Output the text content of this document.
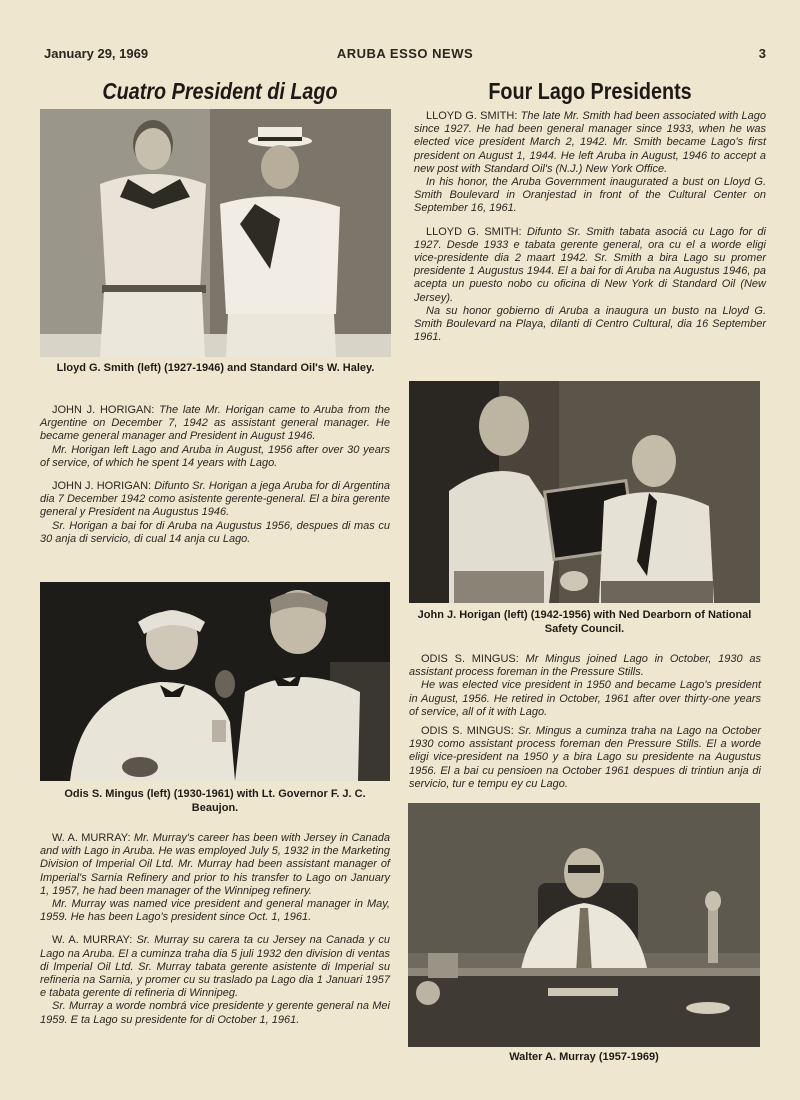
January 29, 1969	ARUBA ESSO NEWS	3
Cuatro President di Lago	Four Lago Presidents
Lloyd G. Smith (left) (1927-1946) and Standard Oil's W. Haley.

JOHN J. HORIGAN: The late Mr. Horigan came to Aruba from the Argentine on December 7, 1942 as assistant general manager. He became general manager and President in August 1946.

Mr. Horigan left Lago and Aruba in August, 1956 after over 30 years of service, of which he spent 14 years with Lago.

JOHN J. HORIGAN: Difunto Sr. Horigan a jega Aruba for di Argentina dia 7 December 1942 como asistente gerente-general. El a bira gerente general y President na Augustus 1946.

Sr. Horigan a bai for di Aruba na Augustus 1956, despues di mas cu 30 anja di servicio, di cual 14 anja cu Lago.

Odis S. Mingus (left) (1930-1961) with Lt. Governor F. J. C. Beaujon.

W. A. MURRAY: Mr. Murray's career has been with Jersey in Canada and with Lago in Aruba. He was employed July 5, 1932 in the Marketing Division of Imperial Oil Ltd. Mr. Murray had been assistant manager of Imperial's Sarnia Refinery and prior to his transfer to Lago on January 1, 1957, he had been manager of the Winnipeg refinery.

Mr. Murray was named vice president and general manager in May, 1959. He has been Lago's president since Oct. 1, 1961.

W. A. MURRAY: Sr. Murray su carera ta cu Jersey na Canada y cu Lago na Aruba. El a cuminza traha dia 5 juli 1932 den division di ventas di Imperial Oil Ltd. Sr. Murray tabata gerente asistente di Imperial su refineria na Sarnia, y promer cu su traslado pa Lago dia 1 Januari 1957 e tabata gerente di refineria di Winnipeg.

Sr. Murray a worde nombrá vice presidente y gerente general na Mei 1959. E ta Lago su presidente for di October 1, 1961.

LLOYD G. SMITH: The late Mr. Smith had been associated with Lago since 1927. He had been general manager since 1933, when he was elected vice president March 2, 1942. Mr. Smith became Lago's first president on August 1, 1944. He left Aruba in August, 1946 to accept a new post with Standard Oil's (N.J.) New York Office.

In his honor, the Aruba Government inaugurated a bust on Lloyd G. Smith Boulevard in Oranjestad in front of the Cultural Center on September 16, 1961.

LLOYD G. SMITH: Difunto Sr. Smith tabata asociá cu Lago for di 1927. Desde 1933 e tabata gerente general, ora cu el a worde eligi vice-presidente dia 2 maart 1942. Sr. Smith a bira Lago su promer presidente 1 Augustus 1944. El a bai for di Aruba na Augustus 1946, pa acepta un puesto nobo cu oficina di New York di Standard Oil (New Jersey).

Na su honor gobierno di Aruba a inaugura un busto na Lloyd G. Smith Boulevard na Playa, dilanti di Centro Cultural, dia 16 September 1961.

John J. Horigan (left) (1942-1956) with Ned Dearborn of National Safety Council.

ODIS S. MINGUS: Mr Mingus joined Lago in October, 1930 as assistant process foreman in the Pressure Stills.

He was elected vice president in 1950 and became Lago's president in August, 1956. He retired in October, 1961 after over thirty-one years of service, all of it with Lago.

ODIS S. MINGUS: Sr. Mingus a cuminza traha na Lago na October 1930 como assistant process foreman den Pressure Stills. El a worde eligi vice-president na 1950 y a bira Lago su presidente na Augustus 1956. El a bai cu pensioen na October 1961 despues di trintiun anja di servicio, tur e tempu ey cu Lago.

Walter A. Murray (1957-1969)
